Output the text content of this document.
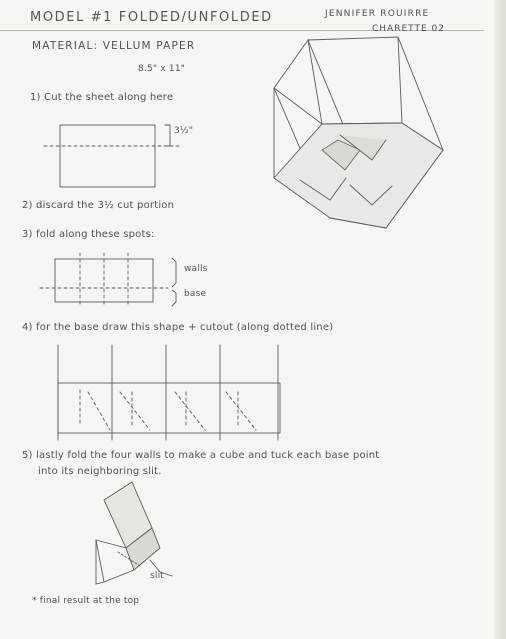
MODEL #1 FOLDED/UNFOLDED	JENNIFER ROUIRRE
CHARETTE 02
MATERIAL: VELLUM PAPER
8.5" x 11"
1) Cut the sheet along here
3½"
2) discard the 3½ cut portion
3) fold along these spots:
walls
base
4) for the base draw this shape + cutout (along dotted line)
5) lastly fold the four walls to make a cube and tuck each base point
into its neighboring slit.
slit
* final result at the top
